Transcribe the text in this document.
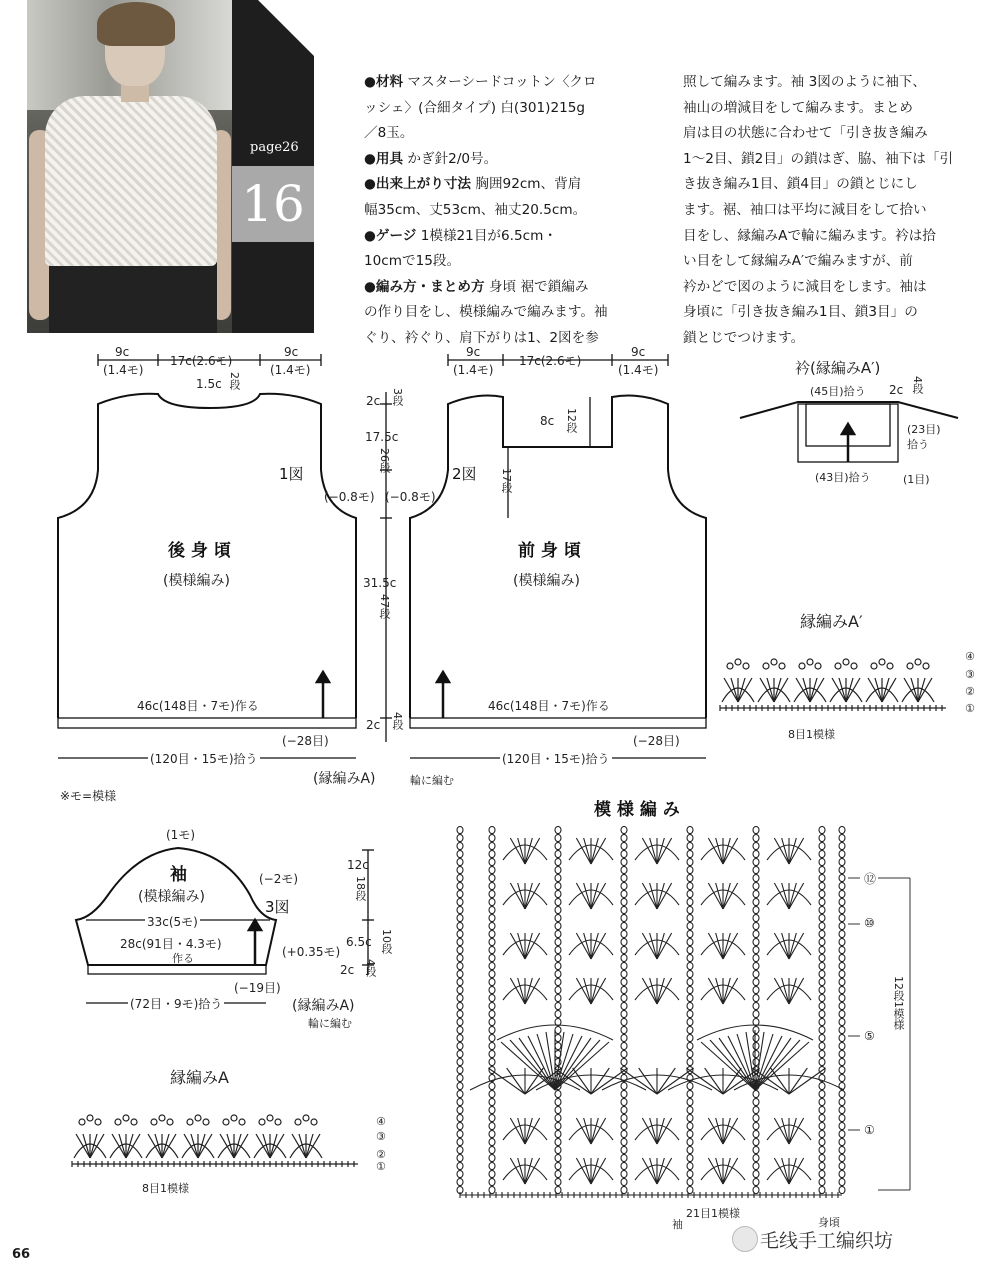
page26
16

●材料 マスターシードコットン〈クロ

ッシェ〉(合細タイプ) 白(301)215g

／8玉。

●用具 かぎ針2/0号。

●出来上がり寸法 胸囲92cm、背肩

幅35cm、丈53cm、袖丈20.5cm。

●ゲージ 1模様21目が6.5cm・

10cmで15段。

●編み方・まとめ方 身頃 裾で鎖編み

の作り目をし、模様編みで編みます。袖

ぐり、衿ぐり、肩下がりは1、2図を参

照して編みます。袖 3図のように袖下、

袖山の増減目をして編みます。まとめ

肩は目の状態に合わせて「引き抜き編み

1～2目、鎖2目」の鎖はぎ、脇、袖下は「引

き抜き編み1目、鎖4目」の鎖とじにし

ます。裾、袖口は平均に減目をして拾い

目をし、縁編みAで輪に編みます。衿は拾

い目をして縁編みA′で編みますが、前

衿かどで図のように減目をします。袖は

身頃に「引き抜き編み1目、鎖3目」の

鎖とじでつけます。

9c
(1.4モ)
17c(2.6モ)
9c
(1.4モ)
1.5c 2段
1図
後 身 頃
(模様編み)
46c(148目・7モ)作る
(−28目)
(120目・15モ)拾う
2c 3段
17.5c
26段
(−0.8モ) (−0.8モ)
31.5c
47段
2c 4段
(縁編みA)	輪に編む
9c
(1.4モ)
17c(2.6モ)
9c
(1.4モ)
8c 12段
17段
2図
前 身 頃
(模様編み)
46c(148目・7モ)作る
(−28目)
(120目・15モ)拾う
※モ=模様
衿(縁編みA′)
(45目)拾う 2c 4段
(23目)
拾う
(43目)拾う	(1目)
縁編みA′
8目1模様
④
③
②
①
(1モ)
袖
(模様編み)
(−2モ)
3図
33c(5モ)
28c(91目・4.3モ)
作る
12c
18段
6.5c 10段
(+0.35モ)
2c 4段
(−19目)
(72目・9モ)拾う	(縁編みA)
輪に編む
縁編みA
8目1模様
④
③
②
①
模 様 編 み
⑫
⑩
⑤
①
12段1模様
21目1模様
袖	身頃
66
毛线手工编织坊
